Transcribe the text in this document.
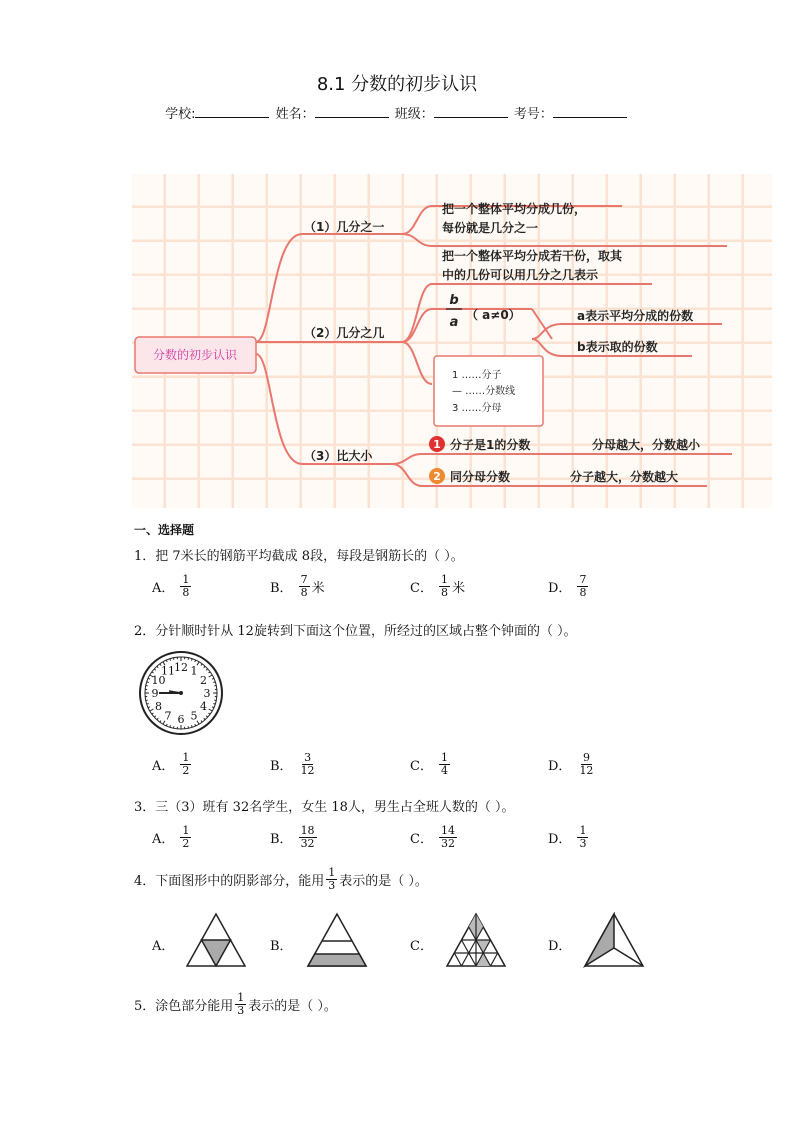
8.1 分数的初步认识
学校:	姓名：	班级：	考号：
分数的初步认识
（1）几分之一
把一个整体平均分成几份，
每份就是几分之一
（2）几分之几
把一个整体平均分成若干份，取其
中的几份可以用几分之几表示
b
a （ a≠0）	a表示平均分成的份数
b表示取的份数
1 ……分子
— ……分数线
3 ……分母
（3）比大小
1 分子是1的分数	分母越大，分数越小
2 同分母分数	分子越大，分数越大
一、选择题
1．把 7米长的钢筋平均截成 8段，每段是钢筋长的（ ）。
A． $\frac{1}{8}$	B． $\frac{7}{8}$ 米	C． $\frac{1}{8}$ 米	D． $\frac{7}{8}$
2．分针顺时针从 12旋转到下面这个位置，所经过的区域占整个钟面的（ ）。
12 1
2
3
4
5
6
7
8
9
10
11
A． $\frac{1}{2}$	B． $\frac{3}{12}$	C． $\frac{1}{4}$	D． $\frac{9}{12}$
3．三（3）班有 32名学生，女生 18人，男生占全班人数的（ ）。
A． $\frac{1}{2}$	B． $\frac{18}{32}$	C． $\frac{14}{32}$	D． $\frac{1}{3}$
4．下面图形中的阴影部分，能用 $\frac{1}{3}$ 表示的是（ ）。
A．	B．	C．	D．
5．涂色部分能用 $\frac{1}{3}$ 表示的是（ ）。
